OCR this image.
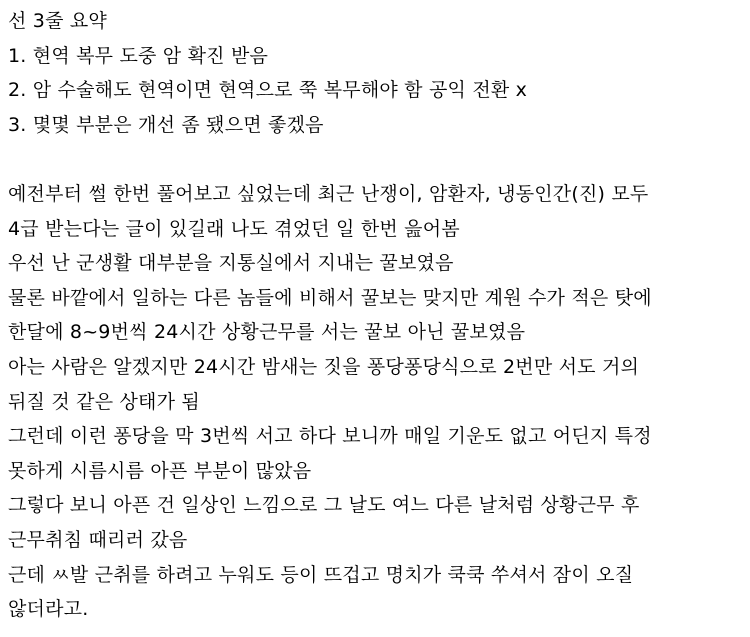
선 3줄 요약
1. 현역 복무 도중 암 확진 받음
2. 암 수술해도 현역이면 현역으로 쭉 복무해야 함 공익 전환 x
3. 몇몇 부분은 개선 좀 됐으면 좋겠음
예전부터 썰 한번 풀어보고 싶었는데 최근 난쟁이, 암환자, 냉동인간(진) 모두
4급 받는다는 글이 있길래 나도 겪었던 일 한번 읊어봄
우선 난 군생활 대부분을 지통실에서 지내는 꿀보였음
물론 바깥에서 일하는 다른 놈들에 비해서 꿀보는 맞지만 계원 수가 적은 탓에
한달에 8~9번씩 24시간 상황근무를 서는 꿀보 아닌 꿀보였음
아는 사람은 알겠지만 24시간 밤새는 짓을 퐁당퐁당식으로 2번만 서도 거의
뒤질 것 같은 상태가 됨
그런데 이런 퐁당을 막 3번씩 서고 하다 보니까 매일 기운도 없고 어딘지 특정
못하게 시름시름 아픈 부분이 많았음
그렇다 보니 아픈 건 일상인 느낌으로 그 날도 여느 다른 날처럼 상황근무 후
근무취침 때리러 갔음
근데 ㅆ발 근취를 하려고 누워도 등이 뜨겁고 명치가 쿡쿡 쑤셔서 잠이 오질
않더라고.
